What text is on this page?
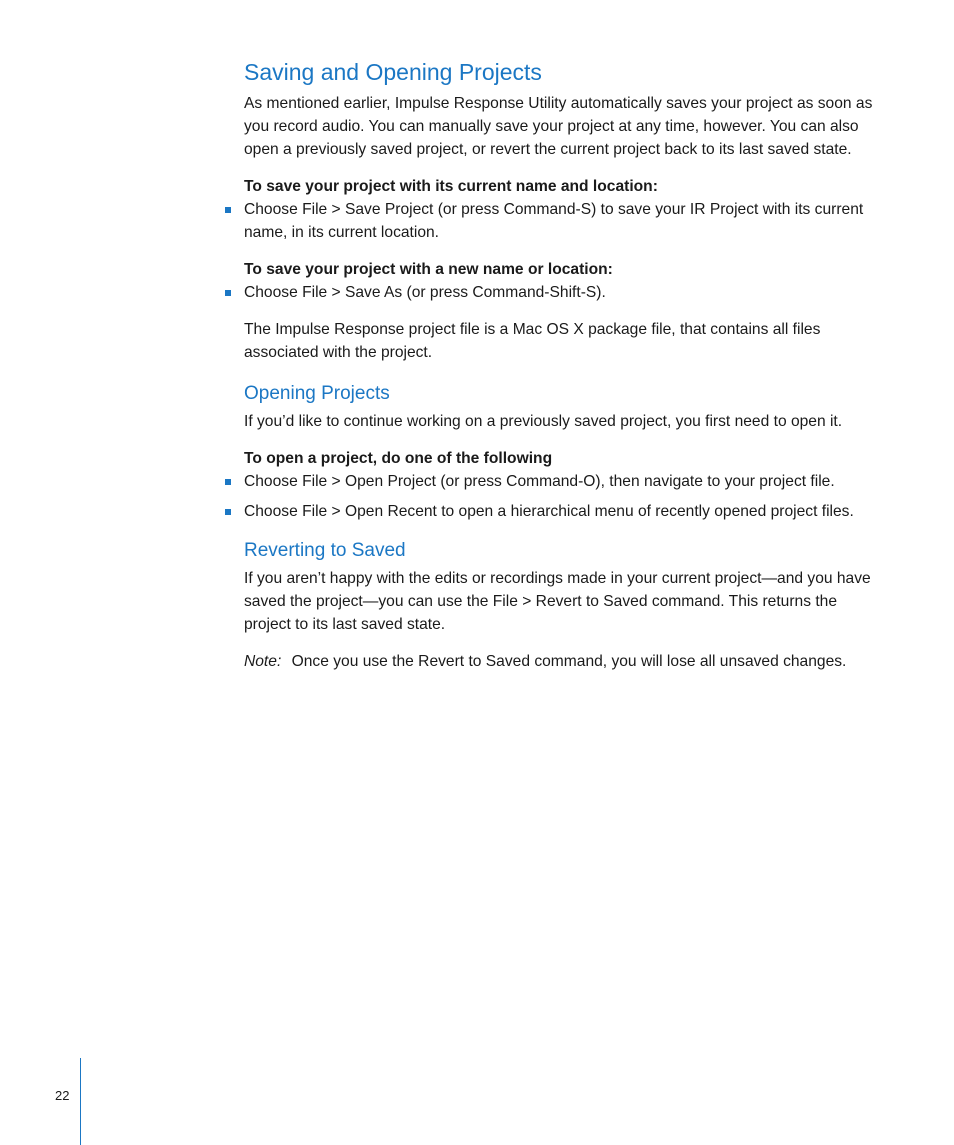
Saving and Opening Projects

As mentioned earlier, Impulse Response Utility automatically saves your project as soon as you record audio. You can manually save your project at any time, however. You can also open a previously saved project, or revert the current project back to its last saved state.

To save your project with its current name and location:

Choose File > Save Project (or press Command-S) to save your IR Project with its current name, in its current location.

To save your project with a new name or location:

Choose File > Save As (or press Command-Shift-S).

The Impulse Response project file is a Mac OS X package file, that contains all files associated with the project.

Opening Projects

If you’d like to continue working on a previously saved project, you first need to open it.

To open a project, do one of the following

Choose File > Open Project (or press Command-O), then navigate to your project file.
Choose File > Open Recent to open a hierarchical menu of recently opened project files.
Reverting to Saved

If you aren’t happy with the edits or recordings made in your current project—and you have saved the project—you can use the File > Revert to Saved command. This returns the project to its last saved state.

Note: Once you use the Revert to Saved command, you will lose all unsaved changes.

22
